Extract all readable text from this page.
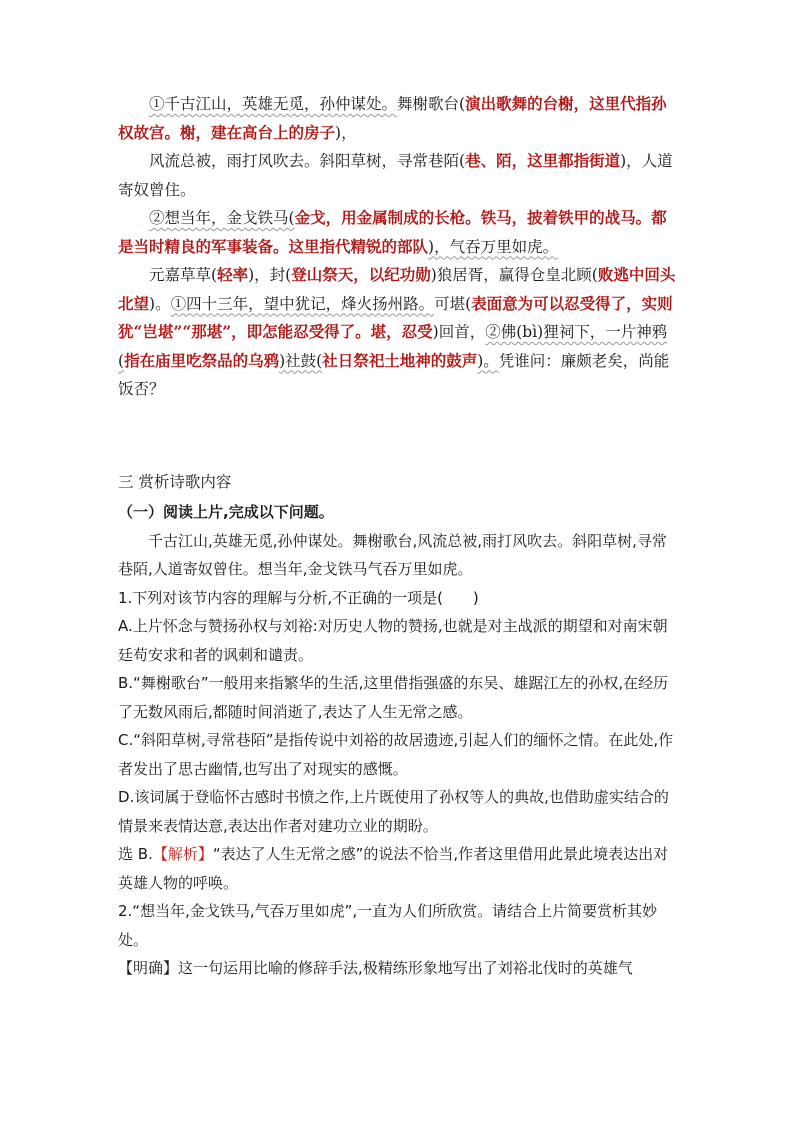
①千古江山，英雄无觅，孙仲谋处。舞榭歌台(演出歌舞的台榭，这里代指孙权故宫。榭，建在高台上的房子)，

风流总被，雨打风吹去。斜阳草树，寻常巷陌(巷、陌，这里都指街道)，人道寄奴曾住。

②想当年，金戈铁马(金戈，用金属制成的长枪。铁马，披着铁甲的战马。都是当时精良的军事装备。这里指代精锐的部队)，气吞万里如虎。

元嘉草草(轻率)，封(登山祭天，以纪功勋)狼居胥，赢得仓皇北顾(败逃中回头北望)。①四十三年，望中犹记，烽火扬州路。可堪(表面意为可以忍受得了，实则犹“岂堪”“那堪”，即怎能忍受得了。堪，忍受)回首，②佛(bì)狸祠下，一片神鸦(指在庙里吃祭品的乌鸦)社鼓(社日祭祀土地神的鼓声)。凭谁问：廉颇老矣，尚能饭否？

三 赏析诗歌内容

（一）阅读上片,完成以下问题。

千古江山,英雄无觅,孙仲谋处。舞榭歌台,风流总被,雨打风吹去。斜阳草树,寻常巷陌,人道寄奴曾住。想当年,金戈铁马气吞万里如虎。

1.下列对该节内容的理解与分析,不正确的一项是(　　)

A.上片怀念与赞扬孙权与刘裕:对历史人物的赞扬,也就是对主战派的期望和对南宋朝廷苟安求和者的讽刺和谴责。

B.“舞榭歌台”一般用来指繁华的生活,这里借指强盛的东吴、雄踞江左的孙权,在经历了无数风雨后,都随时间消逝了,表达了人生无常之感。

C.“斜阳草树,寻常巷陌”是指传说中刘裕的故居遗迹,引起人们的缅怀之情。在此处,作者发出了思古幽情,也写出了对现实的感慨。

D.该词属于登临怀古感时书愤之作,上片既使用了孙权等人的典故,也借助虚实结合的情景来表情达意,表达出作者对建功立业的期盼。

选 B.【解析】“表达了人生无常之感”的说法不恰当,作者这里借用此景此境表达出对英雄人物的呼唤。

2.“想当年,金戈铁马,气吞万里如虎”,一直为人们所欣赏。请结合上片简要赏析其妙处。

【明确】这一句运用比喻的修辞手法,极精练形象地写出了刘裕北伐时的英雄气
